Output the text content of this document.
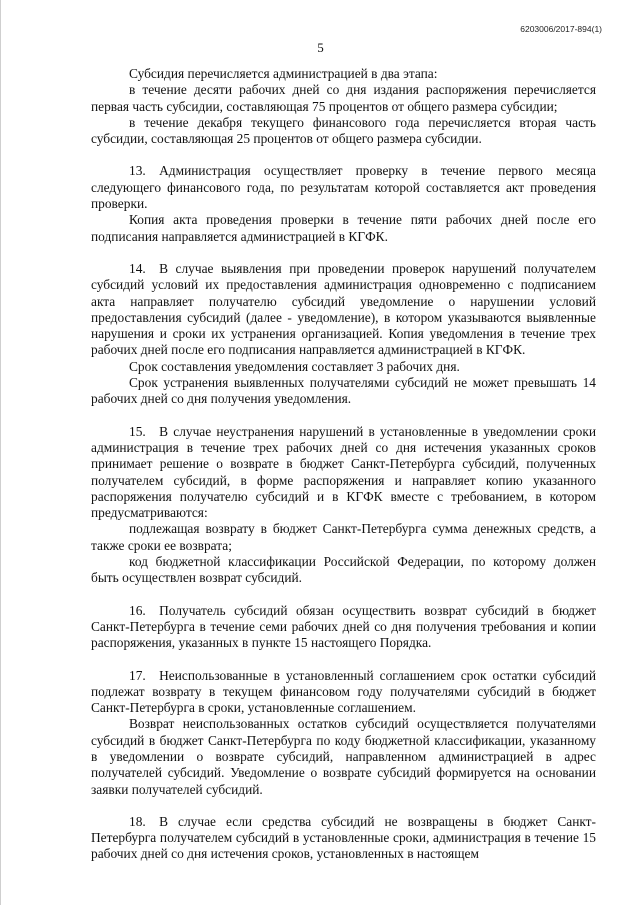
6203006/2017-894(1)
5

Субсидия перечисляется администрацией в два этапа:

в течение десяти рабочих дней со дня издания распоряжения перечисляется первая часть субсидии, составляющая 75 процентов от общего размера субсидии;

в течение декабря текущего финансового года перечисляется вторая часть субсидии, составляющая 25 процентов от общего размера субсидии.

13. Администрация осуществляет проверку в течение первого месяца следующего финансового года, по результатам которой составляется акт проведения проверки.

Копия акта проведения проверки в течение пяти рабочих дней после его подписания направляется администрацией в КГФК.

14. В случае выявления при проведении проверок нарушений получателем субсидий условий их предоставления администрация одновременно с подписанием акта направляет получателю субсидий уведомление о нарушении условий предоставления субсидий (далее - уведомление), в котором указываются выявленные нарушения и сроки их устранения организацией. Копия уведомления в течение трех рабочих дней после его подписания направляется администрацией в КГФК.

Срок составления уведомления составляет 3 рабочих дня.

Срок устранения выявленных получателями субсидий не может превышать 14 рабочих дней со дня получения уведомления.

15. В случае неустранения нарушений в установленные в уведомлении сроки администрация в течение трех рабочих дней со дня истечения указанных сроков принимает решение о возврате в бюджет Санкт-Петербурга субсидий, полученных получателем субсидий, в форме распоряжения и направляет копию указанного распоряжения получателю субсидий и в КГФК вместе с требованием, в котором предусматриваются:

подлежащая возврату в бюджет Санкт-Петербурга сумма денежных средств, а также сроки ее возврата;

код бюджетной классификации Российской Федерации, по которому должен быть осуществлен возврат субсидий.

16. Получатель субсидий обязан осуществить возврат субсидий в бюджет Санкт-Петербурга в течение семи рабочих дней со дня получения требования и копии распоряжения, указанных в пункте 15 настоящего Порядка.

17. Неиспользованные в установленный соглашением срок остатки субсидий подлежат возврату в текущем финансовом году получателями субсидий в бюджет Санкт-Петербурга в сроки, установленные соглашением.

Возврат неиспользованных остатков субсидий осуществляется получателями субсидий в бюджет Санкт-Петербурга по коду бюджетной классификации, указанному в уведомлении о возврате субсидий, направленном администрацией в адрес получателей субсидий. Уведомление о возврате субсидий формируется на основании заявки получателей субсидий.

18. В случае если средства субсидий не возвращены в бюджет Санкт-Петербурга получателем субсидий в установленные сроки, администрация в течение 15 рабочих дней со дня истечения сроков, установленных в настоящем
